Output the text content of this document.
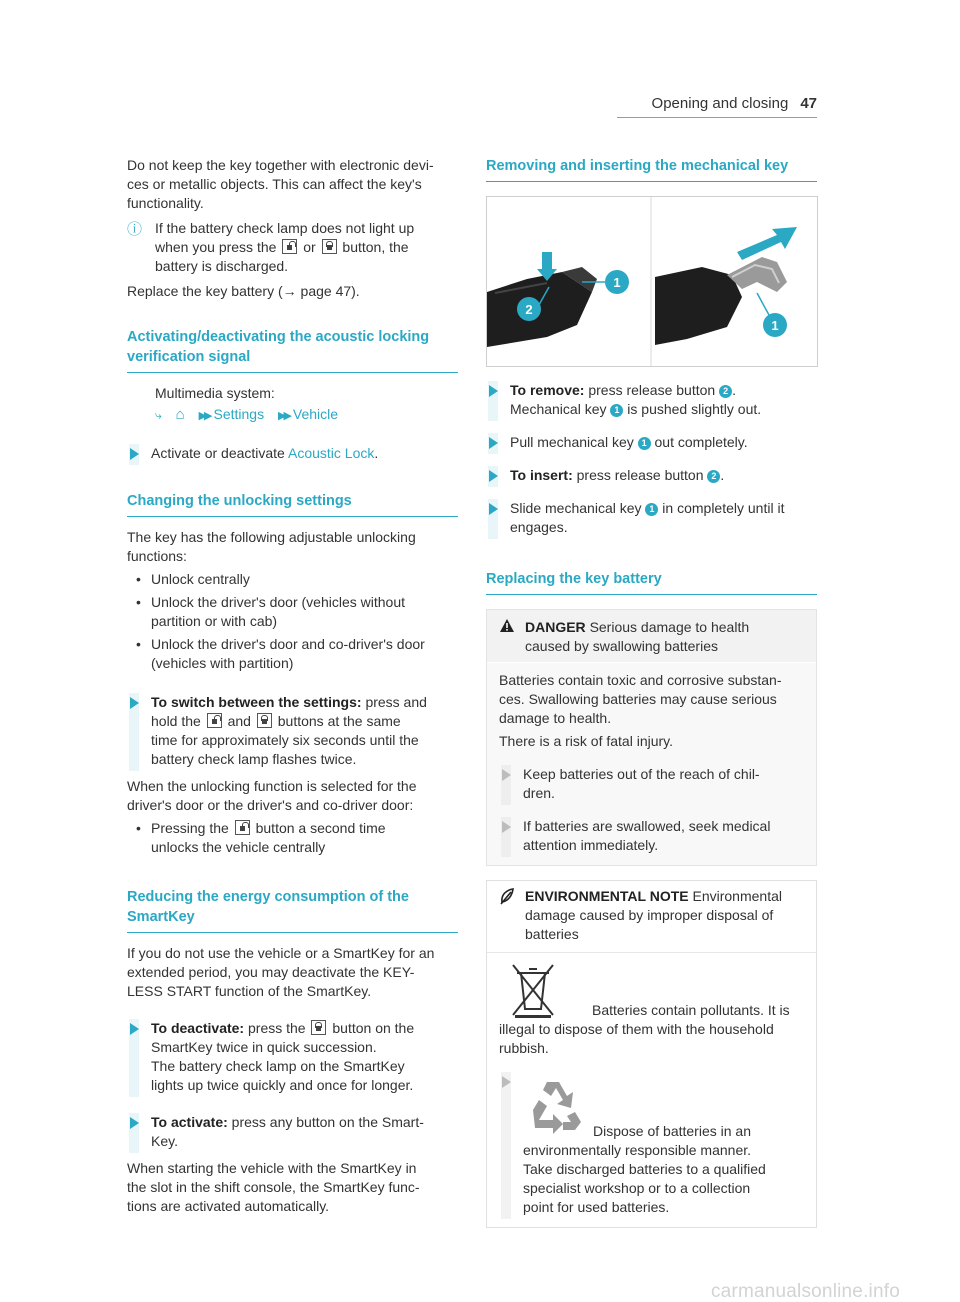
Opening and closing 47

Do not keep the key together with electronic devi-
ces or metallic objects. This can affect the key's
functionality.

ⓘ If the battery check lamp does not light up
when you press the or button, the
battery is discharged.

Replace the key battery (→ page 47).

Activating/deactivating the acoustic locking
verification signal

Multimedia system:

⤷ ⌂ ▶▶ Settings ▶▶ Vehicle

Activate or deactivate Acoustic Lock.
Changing the unlocking settings

The key has the following adjustable unlocking
functions:

• Unlock centrally
• Unlock the driver's door (vehicles without
partition or with cab)
• Unlock the driver's door and co-driver's door
(vehicles with partition)
To switch between the settings: press and
hold the and buttons at the same
time for approximately six seconds until the
battery check lamp flashes twice.

When the unlocking function is selected for the
driver's door or the driver's and co-driver door:

• Pressing the button a second time
unlocks the vehicle centrally
Reducing the energy consumption of the
SmartKey

If you do not use the vehicle or a SmartKey for an
extended period, you may deactivate the KEY-
LESS START function of the SmartKey.

To deactivate: press the button on the
SmartKey twice in quick succession.
The battery check lamp on the SmartKey
lights up twice quickly and once for longer.
To activate: press any button on the Smart-
Key.

When starting the vehicle with the SmartKey in
the slot in the shift console, the SmartKey func-
tions are activated automatically.

Removing and inserting the mechanical key
1
2
1
To remove: press release button 2 .
Mechanical key 1 is pushed slightly out.
Pull mechanical key 1 out completely.
To insert: press release button 2 .
Slide mechanical key 1 in completely until it
engages.
Replacing the key battery
DANGER Serious damage to health
caused by swallowing batteries

Batteries contain toxic and corrosive substan-
ces. Swallowing batteries may cause serious
damage to health.

There is a risk of fatal injury.

Keep batteries out of the reach of chil-
dren.
If batteries are swallowed, seek medical
attention immediately.
ENVIRONMENTAL NOTE Environmental
damage caused by improper disposal of
batteries

Batteries contain pollutants. It is
illegal to dispose of them with the household
rubbish.

Dispose of batteries in an
environmentally responsible manner.
Take discharged batteries to a qualified
specialist workshop or to a collection
point for used batteries.

carmanualsonline.info
